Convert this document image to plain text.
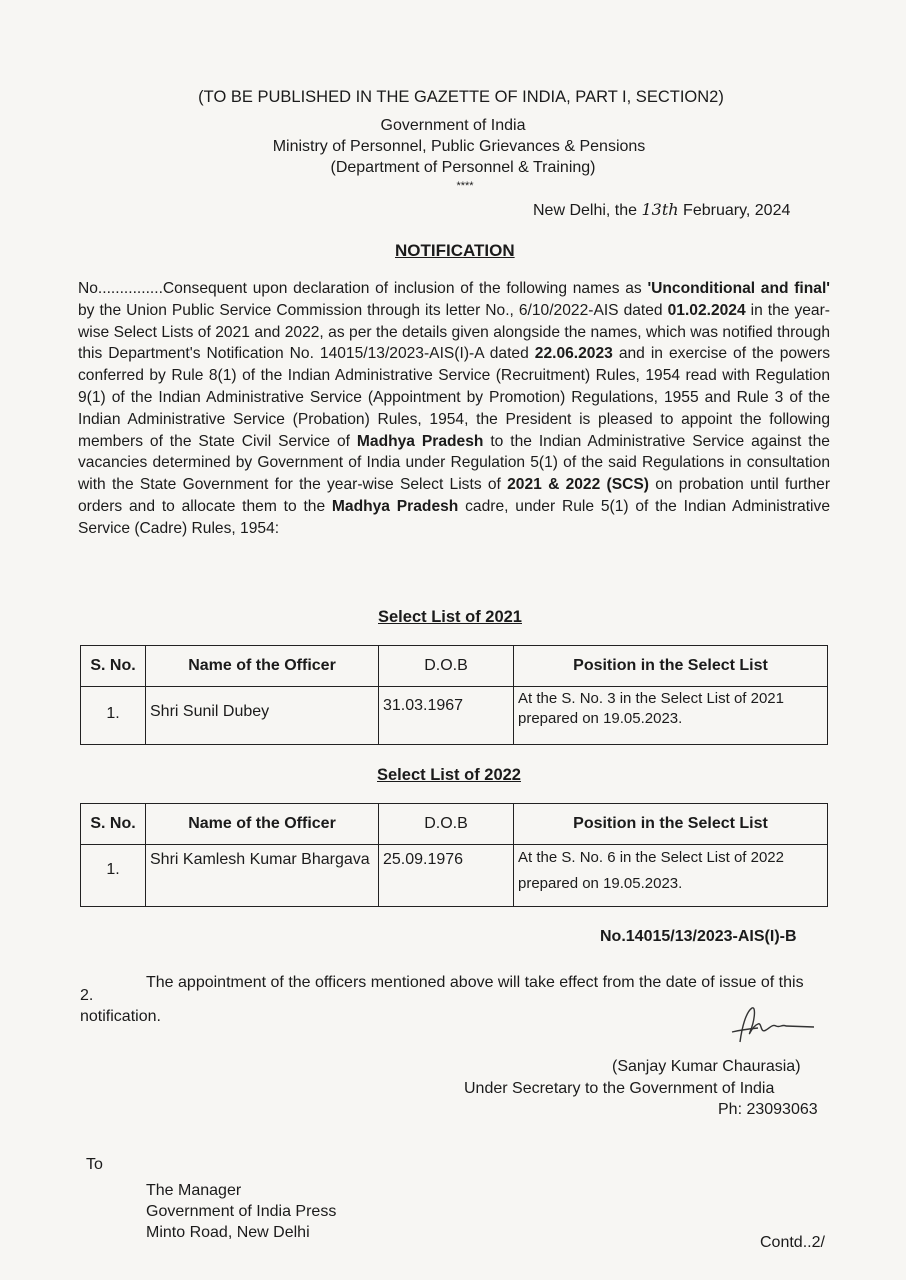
(TO BE PUBLISHED IN THE GAZETTE OF INDIA, PART I, SECTION2)
Government of India
Ministry of Personnel, Public Grievances & Pensions
(Department of Personnel & Training)
****
New Delhi, the 13th February, 2024
NOTIFICATION
No...............Consequent upon declaration of inclusion of the following names as 'Unconditional and final' by the Union Public Service Commission through its letter No., 6/10/2022-AIS dated 01.02.2024 in the year-wise Select Lists of 2021 and 2022, as per the details given alongside the names, which was notified through this Department's Notification No. 14015/13/2023-AIS(I)-A dated 22.06.2023 and in exercise of the powers conferred by Rule 8(1) of the Indian Administrative Service (Recruitment) Rules, 1954 read with Regulation 9(1) of the Indian Administrative Service (Appointment by Promotion) Regulations, 1955 and Rule 3 of the Indian Administrative Service (Probation) Rules, 1954, the President is pleased to appoint the following members of the State Civil Service of Madhya Pradesh to the Indian Administrative Service against the vacancies determined by Government of India under Regulation 5(1) of the said Regulations in consultation with the State Government for the year-wise Select Lists of 2021 & 2022 (SCS) on probation until further orders and to allocate them to the Madhya Pradesh cadre, under Rule 5(1) of the Indian Administrative Service (Cadre) Rules, 1954:
Select List of 2021
S. No.	Name of the Officer	D.O.B	Position in the Select List
1.	Shri Sunil Dubey	31.03.1967	At the S. No. 3 in the Select List of 2021 prepared on 19.05.2023.
Select List of 2022
S. No.	Name of the Officer	D.O.B	Position in the Select List
1.	Shri Kamlesh Kumar Bhargava	25.09.1976	At the S. No. 6 in the Select List of 2022 prepared on 19.05.2023.
No.14015/13/2023-AIS(I)-B
2.
The appointment of the officers mentioned above will take effect from the date of issue of this notification.
(Sanjay Kumar Chaurasia)
Under Secretary to the Government of India
Ph: 23093063
To
The Manager
Government of India Press
Minto Road, New Delhi
Contd..2/
